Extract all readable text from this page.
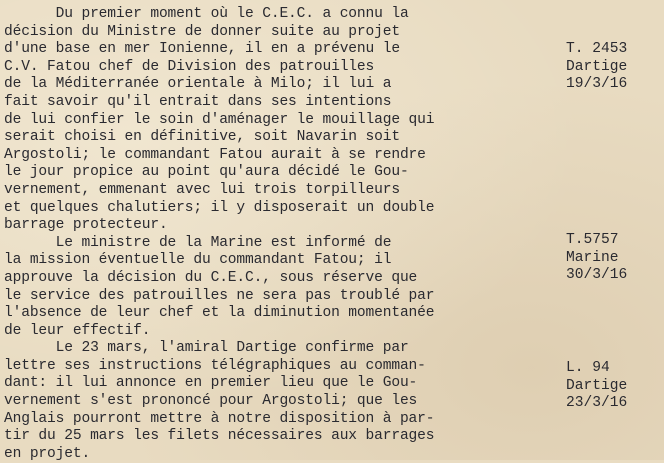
Du premier moment où le C.E.C. a connu la
décision du Ministre de donner suite au projet
d'une base en mer Ionienne, il en a prévenu le
C.V. Fatou chef de Division des patrouilles
de la Méditerranée orientale à Milo; il lui a
fait savoir qu'il entrait dans ses intentions
de lui confier le soin d'aménager le mouillage qui
serait choisi en définitive, soit Navarin soit
Argostoli; le commandant Fatou aurait à se rendre
le jour propice au point qu'aura décidé le Gou-
vernement, emmenant avec lui trois torpilleurs
et quelques chalutiers; il y disposerait un double
barrage protecteur.
Le ministre de la Marine est informé de
la mission éventuelle du commandant Fatou; il
approuve la décision du C.E.C., sous réserve que
le service des patrouilles ne sera pas troublé par
l'absence de leur chef et la diminution momentanée
de leur effectif.
Le 23 mars, l'amiral Dartige confirme par
lettre ses instructions télégraphiques au comman-
dant: il lui annonce en premier lieu que le Gou-
vernement s'est prononcé pour Argostoli; que les
Anglais pourront mettre à notre disposition à par-
tir du 25 mars les filets nécessaires aux barrages
en projet.
T. 2453
Dartige
19/3/16
T.5757
Marine
30/3/16
L. 94
Dartige
23/3/16
